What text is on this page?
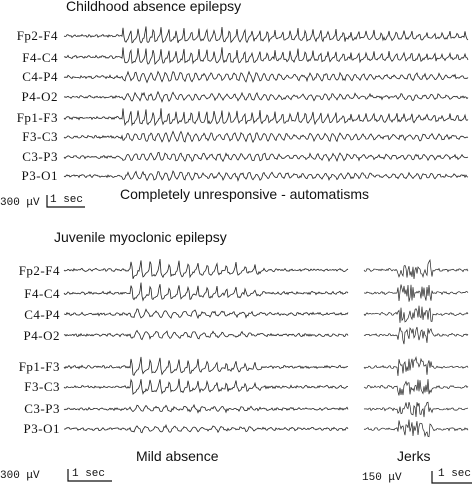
Childhood absence epilepsy
Fp2-F4
F4-C4
C4-P4
P4-O2
Fp1-F3
F3-C3
C3-P3
P3-O1
300 μV 1 sec	Completely unresponsive - automatisms
Juvenile myoclonic epilepsy
Fp2-F4
F4-C4
C4-P4
P4-O2
Fp1-F3
F3-C3
C3-P3
P3-O1
Mild absence
300 μV	1 sec
Jerks
150 μV	1 sec
